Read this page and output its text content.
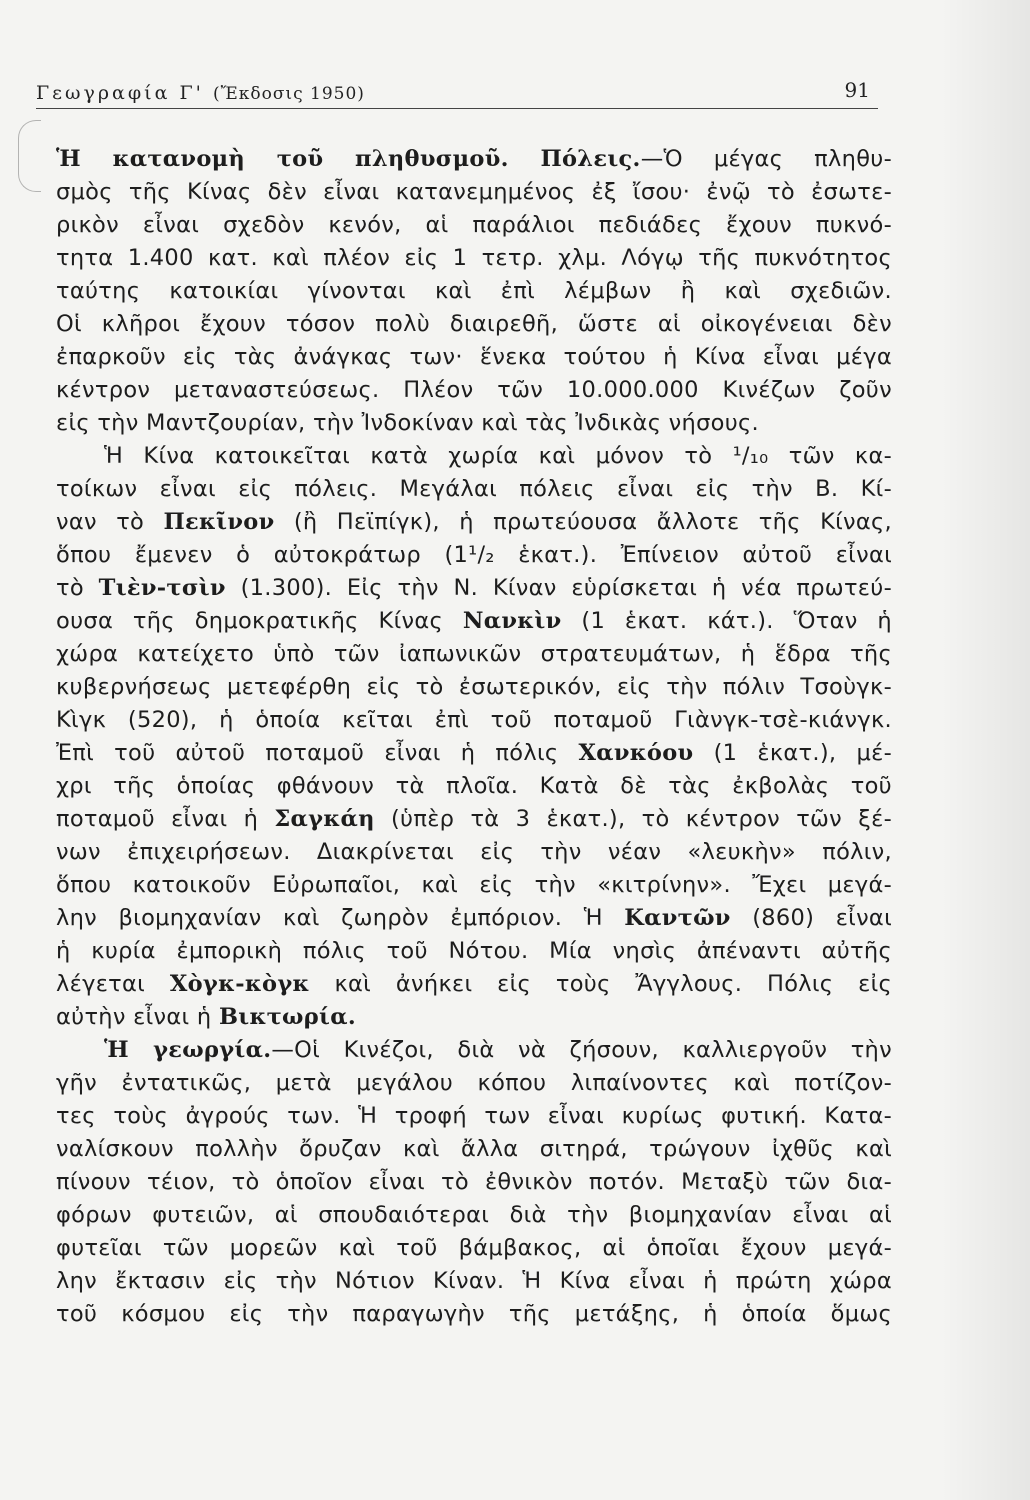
Γεωγραφία Γ' (Ἔκδοσις 1950)	91
Ἡ κατανομὴ τοῦ πληθυσμοῦ. Πόλεις.—Ὁ μέγας πληθυ-
σμὸς τῆς Κίνας δὲν εἶναι κατανεμημένος ἐξ ἴσου· ἐνῷ τὸ ἐσωτε-
ρικὸν εἶναι σχεδὸν κενόν, αἱ παράλιοι πεδιάδες ἔχουν πυκνό-
τητα 1.400 κατ. καὶ πλέον εἰς 1 τετρ. χλμ. Λόγῳ τῆς πυκνότητος
ταύτης κατοικίαι γίνονται καὶ ἐπὶ λέμβων ἢ καὶ σχεδιῶν.
Οἱ κλῆροι ἔχουν τόσον πολὺ διαιρεθῆ, ὥστε αἱ οἰκογένειαι δὲν
ἐπαρκοῦν εἰς τὰς ἀνάγκας των· ἕνεκα τούτου ἡ Κίνα εἶναι μέγα
κέντρον μεταναστεύσεως. Πλέον τῶν 10.000.000 Κινέζων ζοῦν
εἰς τὴν Μαντζουρίαν, τὴν Ἰνδοκίναν καὶ τὰς Ἰνδικὰς νήσους.
Ἡ Κίνα κατοικεῖται κατὰ χωρία καὶ μόνον τὸ ¹/₁₀ τῶν κα-
τοίκων εἶναι εἰς πόλεις. Μεγάλαι πόλεις εἶναι εἰς τὴν Β. Κί-
ναν τὸ Πεκῖνον (ἢ Πεϊπίγκ), ἡ πρωτεύουσα ἄλλοτε τῆς Κίνας,
ὅπου ἔμενεν ὁ αὐτοκράτωρ (1¹/₂ ἑκατ.). Ἐπίνειον αὐτοῦ εἶναι
τὸ Τιὲν-τσὶν (1.300). Εἰς τὴν Ν. Κίναν εὑρίσκεται ἡ νέα πρωτεύ-
ουσα τῆς δημοκρατικῆς Κίνας Νανκὶν (1 ἑκατ. κάτ.). Ὅταν ἡ
χώρα κατείχετο ὑπὸ τῶν ἰαπωνικῶν στρατευμάτων, ἡ ἕδρα τῆς
κυβερνήσεως μετεφέρθη εἰς τὸ ἐσωτερικόν, εἰς τὴν πόλιν Τσοὺγκ-
Κὶγκ (520), ἡ ὁποία κεῖται ἐπὶ τοῦ ποταμοῦ Γιὰνγκ-τσὲ-κιάνγκ.
Ἐπὶ τοῦ αὐτοῦ ποταμοῦ εἶναι ἡ πόλις Χανκόου (1 ἑκατ.), μέ-
χρι τῆς ὁποίας φθάνουν τὰ πλοῖα. Κατὰ δὲ τὰς ἐκβολὰς τοῦ
ποταμοῦ εἶναι ἡ Σαγκάη (ὑπὲρ τὰ 3 ἑκατ.), τὸ κέντρον τῶν ξέ-
νων ἐπιχειρήσεων. Διακρίνεται εἰς τὴν νέαν «λευκὴν» πόλιν,
ὅπου κατοικοῦν Εὐρωπαῖοι, καὶ εἰς τὴν «κιτρίνην». Ἔχει μεγά-
λην βιομηχανίαν καὶ ζωηρὸν ἐμπόριον. Ἡ Καντῶν (860) εἶναι
ἡ κυρία ἐμπορικὴ πόλις τοῦ Νότου. Μία νησὶς ἀπέναντι αὐτῆς
λέγεται Χὸγκ-κὸγκ καὶ ἀνήκει εἰς τοὺς Ἄγγλους. Πόλις εἰς
αὐτὴν εἶναι ἡ Βικτωρία.
Ἡ γεωργία.—Οἱ Κινέζοι, διὰ νὰ ζήσουν, καλλιεργοῦν τὴν
γῆν ἐντατικῶς, μετὰ μεγάλου κόπου λιπαίνοντες καὶ ποτίζον-
τες τοὺς ἀγρούς των. Ἡ τροφή των εἶναι κυρίως φυτική. Κατα-
ναλίσκουν πολλὴν ὄρυζαν καὶ ἄλλα σιτηρά, τρώγουν ἰχθῦς καὶ
πίνουν τέιον, τὸ ὁποῖον εἶναι τὸ ἐθνικὸν ποτόν. Μεταξὺ τῶν δια-
φόρων φυτειῶν, αἱ σπουδαιότεραι διὰ τὴν βιομηχανίαν εἶναι αἱ
φυτεῖαι τῶν μορεῶν καὶ τοῦ βάμβακος, αἱ ὁποῖαι ἔχουν μεγά-
λην ἔκτασιν εἰς τὴν Νότιον Κίναν. Ἡ Κίνα εἶναι ἡ πρώτη χώρα
τοῦ κόσμου εἰς τὴν παραγωγὴν τῆς μετάξης, ἡ ὁποία ὅμως
